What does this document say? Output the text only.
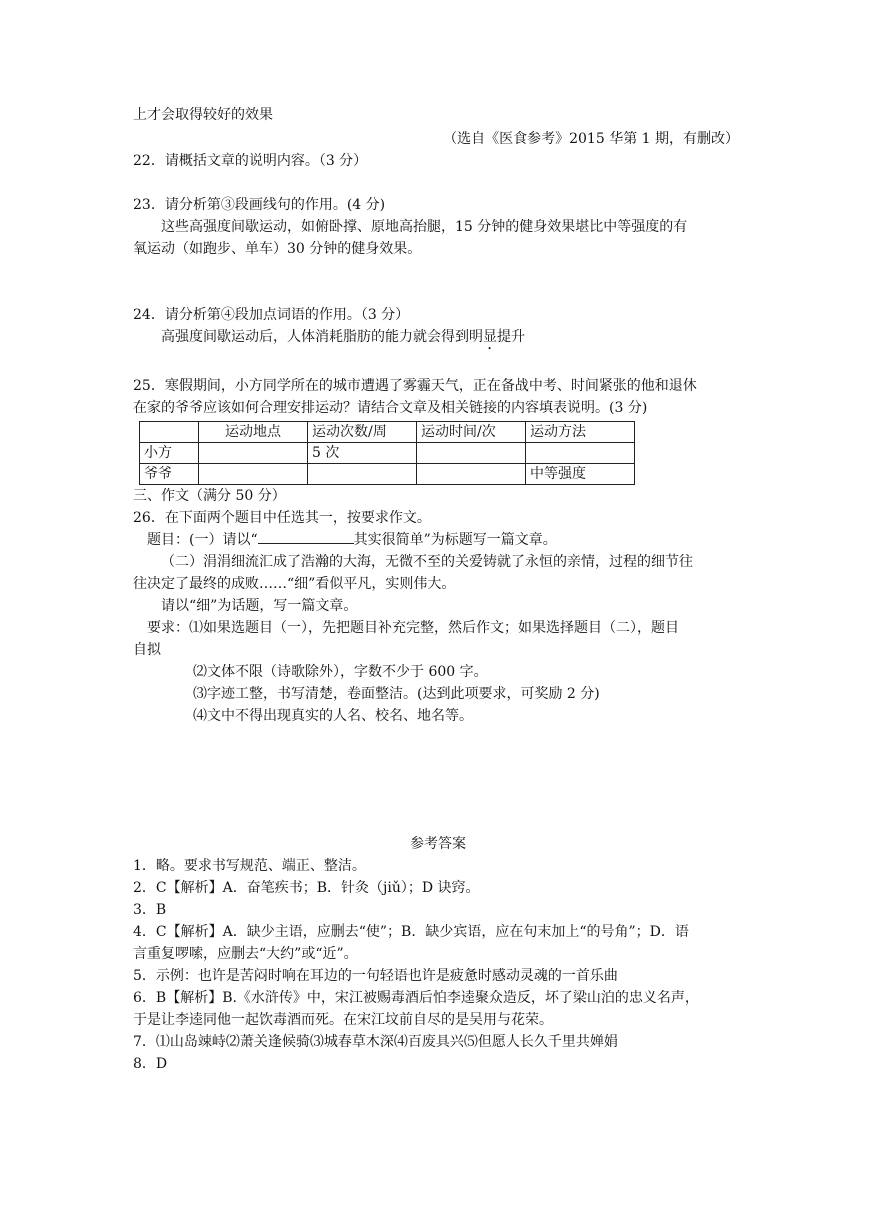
上才会取得较好的效果
（选自《医食参考》2015 华第 1 期，有删改）
22．请概括文章的说明内容。（3 分）
23．请分析第③段画线句的作用。(4 分)
这些高强度间歇运动，如俯卧撑、原地高抬腿，15 分钟的健身效果堪比中等强度的有
氧运动（如跑步、单车）30 分钟的健身效果。
24．请分析第④段加点词语的作用。（3 分）
高强度间歇运动后，人体消耗脂肪的能力就会得到明显提升
25．寒假期间，小方同学所在的城市遭遇了雾霾天气，正在备战中考、时间紧张的他和退休
在家的爷爷应该如何合理安排运动？请结合文章及相关链接的内容填表说明。(3 分)
	运动地点	运动次数/周	运动时间/次	运动方法
小方		5 次		
爷爷				中等强度
三、作文（满分 50 分）
26．在下面两个题目中任选其一，按要求作文。
题目：(一）请以“	其实很简单”为标题写一篇文章。
（二）涓涓细流汇成了浩瀚的大海，无微不至的关爱铸就了永恒的亲情，过程的细节往
往决定了最终的成败……“细”看似平凡，实则伟大。
请以“细”为话题，写一篇文章。
要求：⑴如果选题目（一），先把题目补充完整，然后作文；如果选择题目（二），题目
自拟
⑵文体不限（诗歌除外），字数不少于 600 字。
⑶字迹工整，书写清楚，卷面整洁。(达到此项要求，可奖励 2 分)
⑷文中不得出现真实的人名、校名、地名等。
参考答案
1．略。要求书写规范、端正、整洁。
2．C【解析】A．奋笔疾书；B．针灸（jiǔ）；D 诀窍。
3．B
4．C【解析】A．缺少主语，应删去“使”；B．缺少宾语，应在句末加上“的号角”；D．语
言重复啰嗦，应删去“大约”或“近”。
5．示例：也许是苦闷时响在耳边的一句轻语也许是疲惫时感动灵魂的一首乐曲
6．B【解析】B.《水浒传》中，宋江被赐毒酒后怕李逵聚众造反，坏了梁山泊的忠义名声，
于是让李逵同他一起饮毒酒而死。在宋江坟前自尽的是吴用与花荣。
7．⑴山岛竦峙⑵萧关逢候骑⑶城春草木深⑷百废具兴⑸但愿人长久千里共婵娟
8．D
